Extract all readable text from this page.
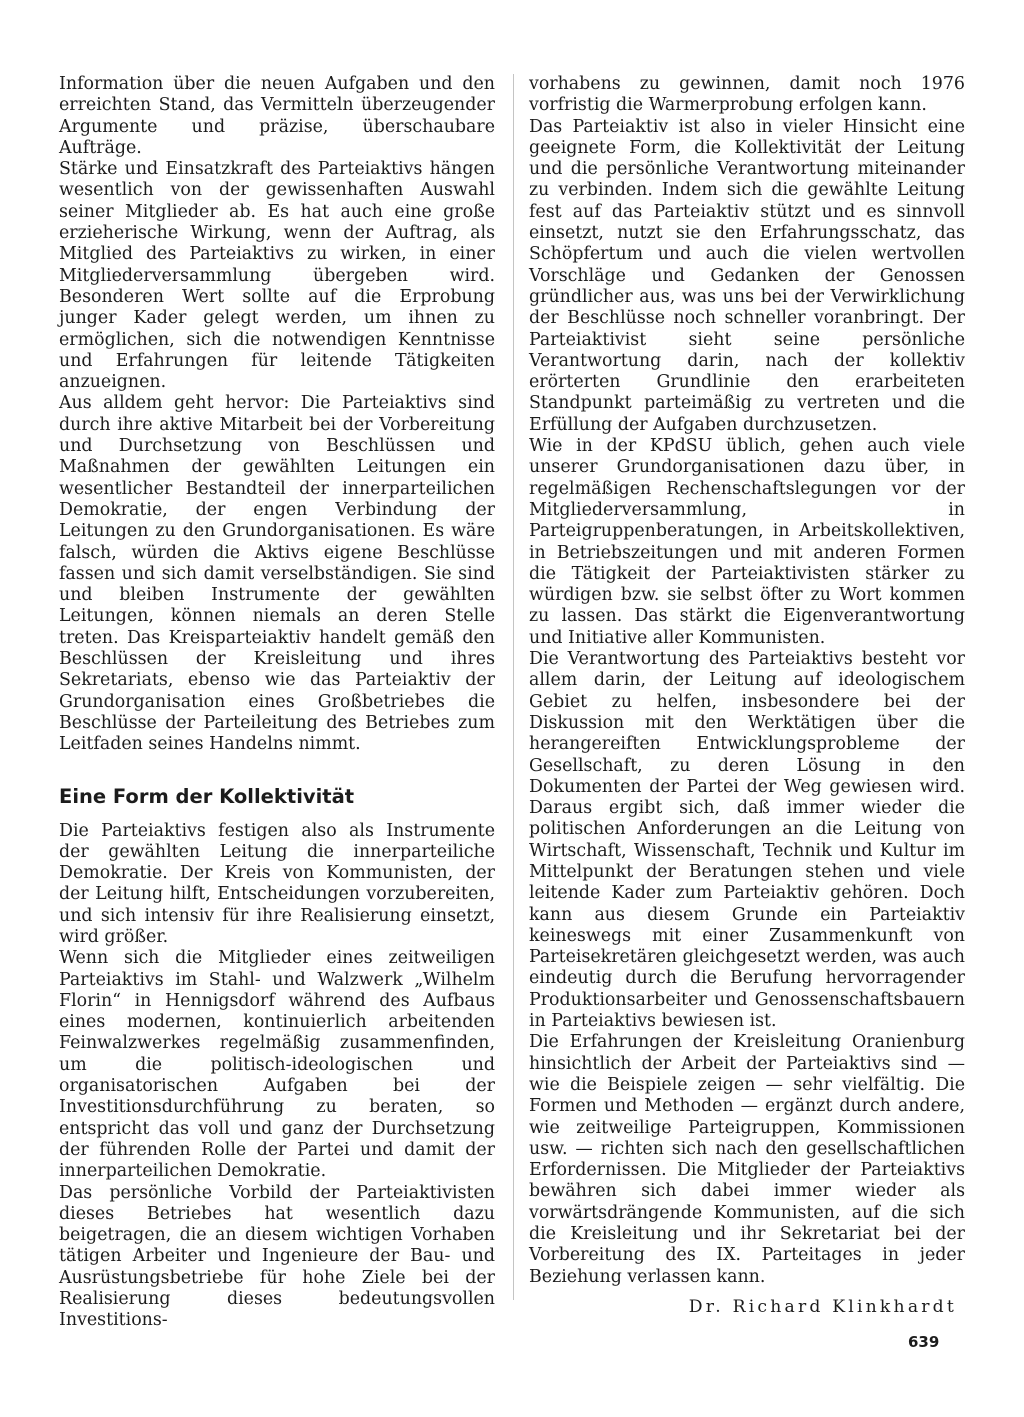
Information über die neuen Aufgaben und den erreichten Stand, das Vermitteln überzeugender Argumente und präzise, überschaubare Aufträge.

Stärke und Einsatzkraft des Parteiaktivs hängen wesentlich von der gewissenhaften Auswahl seiner Mitglieder ab. Es hat auch eine große erzieherische Wirkung, wenn der Auftrag, als Mitglied des Parteiaktivs zu wirken, in einer Mitgliederversammlung übergeben wird. Besonderen Wert sollte auf die Erprobung junger Kader gelegt werden, um ihnen zu ermöglichen, sich die notwendigen Kenntnisse und Erfahrungen für leitende Tätigkeiten anzueignen.

Aus alldem geht hervor: Die Parteiaktivs sind durch ihre aktive Mitarbeit bei der Vorbereitung und Durchsetzung von Beschlüssen und Maßnahmen der gewählten Leitungen ein wesentlicher Bestandteil der innerparteilichen Demokratie, der engen Verbindung der Leitungen zu den Grundorganisationen. Es wäre falsch, würden die Aktivs eigene Beschlüsse fassen und sich damit verselbständigen. Sie sind und bleiben Instrumente der gewählten Leitungen, können niemals an deren Stelle treten. Das Kreisparteiaktiv handelt gemäß den Beschlüssen der Kreisleitung und ihres Sekretariats, ebenso wie das Parteiaktiv der Grundorganisation eines Großbetriebes die Beschlüsse der Parteileitung des Betriebes zum Leitfaden seines Handelns nimmt.

Eine Form der Kollektivität

Die Parteiaktivs festigen also als Instrumente der gewählten Leitung die innerparteiliche Demokratie. Der Kreis von Kommunisten, der der Leitung hilft, Entscheidungen vorzubereiten, und sich intensiv für ihre Realisierung einsetzt, wird größer.

Wenn sich die Mitglieder eines zeitweiligen Parteiaktivs im Stahl- und Walzwerk „Wilhelm Florin“ in Hennigsdorf während des Aufbaus eines modernen, kontinuierlich arbeitenden Feinwalzwerkes regelmäßig zusammenfinden, um die politisch-ideologischen und organisatorischen Aufgaben bei der Investitionsdurchführung zu beraten, so entspricht das voll und ganz der Durchsetzung der führenden Rolle der Partei und damit der innerparteilichen Demokratie.

Das persönliche Vorbild der Parteiaktivisten dieses Betriebes hat wesentlich dazu beigetragen, die an diesem wichtigen Vorhaben tätigen Arbeiter und Ingenieure der Bau- und Ausrüstungsbetriebe für hohe Ziele bei der Realisierung dieses bedeutungsvollen Investitions-

vorhabens zu gewinnen, damit noch 1976 vorfristig die Warmerprobung erfolgen kann.

Das Parteiaktiv ist also in vieler Hinsicht eine geeignete Form, die Kollektivität der Leitung und die persönliche Verantwortung miteinander zu verbinden. Indem sich die gewählte Leitung fest auf das Parteiaktiv stützt und es sinnvoll einsetzt, nutzt sie den Erfahrungsschatz, das Schöpfertum und auch die vielen wertvollen Vorschläge und Gedanken der Genossen gründlicher aus, was uns bei der Verwirklichung der Beschlüsse noch schneller voranbringt. Der Parteiaktivist sieht seine persönliche Verantwortung darin, nach der kollektiv erörterten Grundlinie den erarbeiteten Standpunkt parteimäßig zu vertreten und die Erfüllung der Aufgaben durchzusetzen.

Wie in der KPdSU üblich, gehen auch viele unserer Grundorganisationen dazu über, in regelmäßigen Rechenschaftslegungen vor der Mitgliederversammlung, in Parteigruppenberatungen, in Arbeitskollektiven, in Betriebszeitungen und mit anderen Formen die Tätigkeit der Parteiaktivisten stärker zu würdigen bzw. sie selbst öfter zu Wort kommen zu lassen. Das stärkt die Eigenverantwortung und Initiative aller Kommunisten.

Die Verantwortung des Parteiaktivs besteht vor allem darin, der Leitung auf ideologischem Gebiet zu helfen, insbesondere bei der Diskussion mit den Werktätigen über die herangereiften Entwicklungsprobleme der Gesellschaft, zu deren Lösung in den Dokumenten der Partei der Weg gewiesen wird. Daraus ergibt sich, daß immer wieder die politischen Anforderungen an die Leitung von Wirtschaft, Wissenschaft, Technik und Kultur im Mittelpunkt der Beratungen stehen und viele leitende Kader zum Parteiaktiv gehören. Doch kann aus diesem Grunde ein Parteiaktiv keineswegs mit einer Zusammenkunft von Parteisekretären gleichgesetzt werden, was auch eindeutig durch die Berufung hervorragender Produktionsarbeiter und Genossenschaftsbauern in Parteiaktivs bewiesen ist.

Die Erfahrungen der Kreisleitung Oranienburg hinsichtlich der Arbeit der Parteiaktivs sind — wie die Beispiele zeigen — sehr vielfältig. Die Formen und Methoden — ergänzt durch andere, wie zeitweilige Parteigruppen, Kommissionen usw. — richten sich nach den gesellschaftlichen Erfordernissen. Die Mitglieder der Parteiaktivs bewähren sich dabei immer wieder als vorwärtsdrängende Kommunisten, auf die sich die Kreisleitung und ihr Sekretariat bei der Vorbereitung des IX. Parteitages in jeder Beziehung verlassen kann.

Dr. Richard Klinkhardt
639
